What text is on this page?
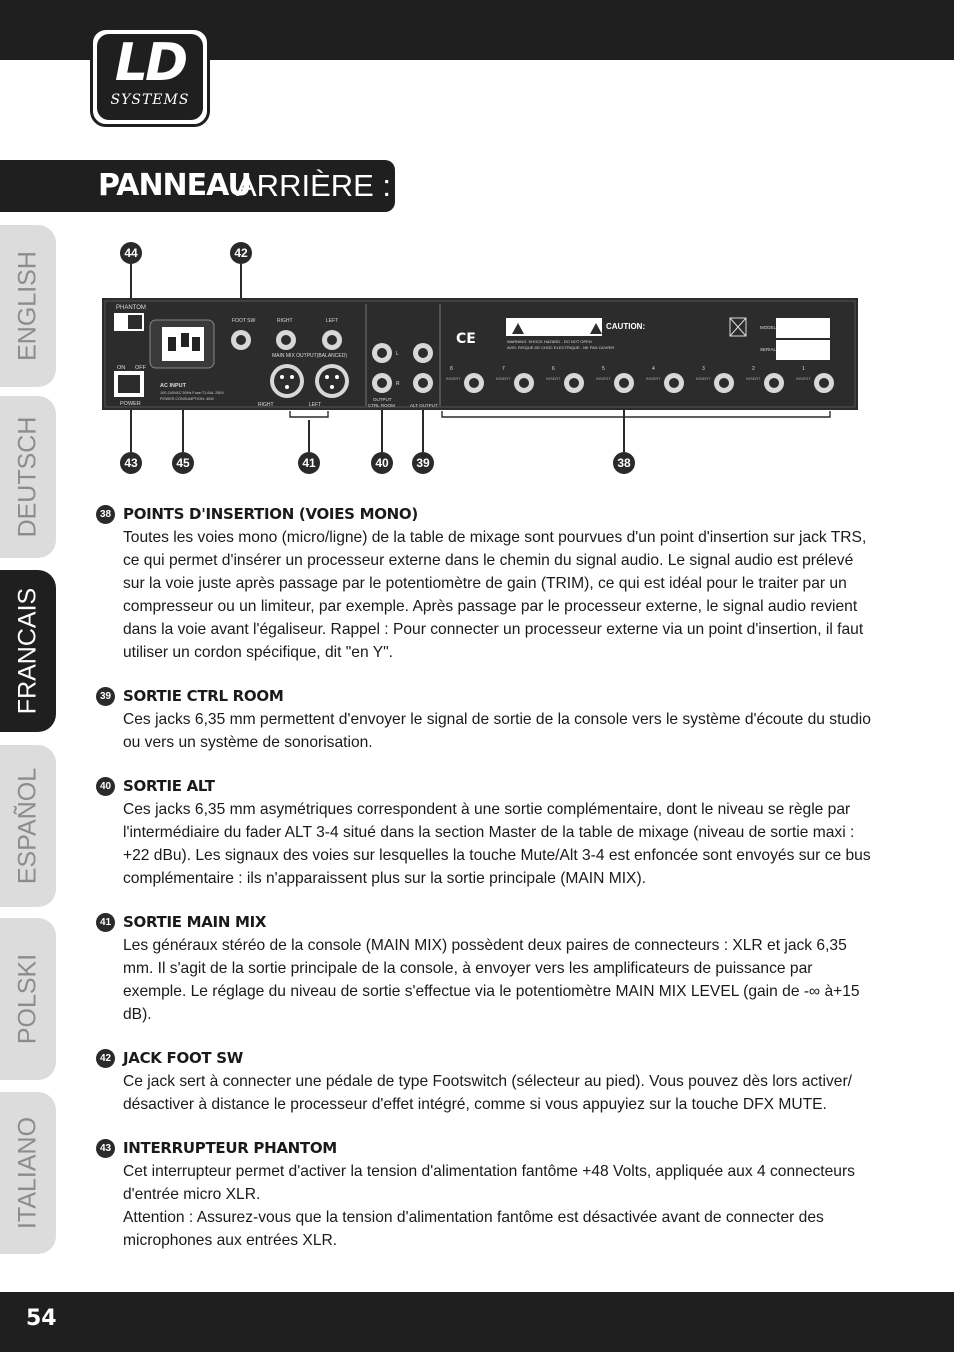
LD
SYSTEMS
PANNEAU
ARRIÈRE :
ENGLISH
DEUTSCH
FRANCAIS
ESPAÑOL
POLSKI
ITALIANO
PHANTOM
ON OFF
POWER
AC INPUT
100-240VAC 50Hz Fuse:T1.6AL 250V
POWER CONSUMPTION: 40W
FOOT SW	RIGHT	LEFT
MAIN MIX OUTPUT(BALANCED)
RIGHT	LEFT
L
R
OUTPUT
CTRL ROOM	ALT OUTPUT
CE	WARNING: SHOCK HAZARD - DO NOT OPEN
AVIS: RISQUE DE CHOC ELECTRIQUE - NE PAS OUVRIR
CAUTION:	MODEL
SERIAL
8
INSERT
7
INSERT
6
INSERT
5
INSERT
4
INSERT
3
INSERT
2
INSERT
1
INSERT
44	42
43	45	41	40	39	38
38 POINTS D'INSERTION (VOIES MONO)

Toutes les voies mono (micro/ligne) de la table de mixage sont pourvues d'un point d'insertion sur jack TRS, ce qui permet d'insérer un processeur externe dans le chemin du signal audio. Le signal audio est prélevé sur la voie juste après passage par le potentiomètre de gain (TRIM), ce qui est idéal pour le traiter par un compresseur ou un limiteur, par exemple. Après passage par le processeur externe, le signal audio revient dans la voie avant l'égaliseur. Rappel : Pour connecter un processeur externe via un point d'insertion, il faut utiliser un cordon spécifique, dit "en Y".

39 SORTIE CTRL ROOM

Ces jacks 6,35 mm permettent d'envoyer le signal de sortie de la console vers le système d'écoute du studio ou vers un système de sonorisation.

40 SORTIE ALT

Ces jacks 6,35 mm asymétriques correspondent à une sortie complémentaire, dont le niveau se règle par l'intermédiaire du fader ALT 3-4 situé dans la section Master de la table de mixage (niveau de sortie maxi : +22 dBu). Les signaux des voies sur lesquelles la touche Mute/Alt 3-4 est enfoncée sont envoyés sur ce bus complémentaire : ils n'apparaissent plus sur la sortie principale (MAIN MIX).

41 SORTIE MAIN MIX

Les généraux stéréo de la console (MAIN MIX) possèdent deux paires de connecteurs : XLR et jack 6,35 mm. Il s'agit de la sortie principale de la console, à envoyer vers les amplificateurs de puissance par exemple. Le réglage du niveau de sortie s'effectue via le potentiomètre MAIN MIX LEVEL (gain de -∞ à+15 dB).

42 JACK FOOT SW

Ce jack sert à connecter une pédale de type Footswitch (sélecteur au pied). Vous pouvez dès lors activer/ désactiver à distance le processeur d'effet intégré, comme si vous appuyiez sur la touche DFX MUTE.

43 INTERRUPTEUR PHANTOM

Cet interrupteur permet d'activer la tension d'alimentation fantôme +48 Volts, appliquée aux 4 connecteurs d'entrée micro XLR.

Attention : Assurez-vous que la tension d'alimentation fantôme est désactivée avant de connecter des microphones aux entrées XLR.

54
